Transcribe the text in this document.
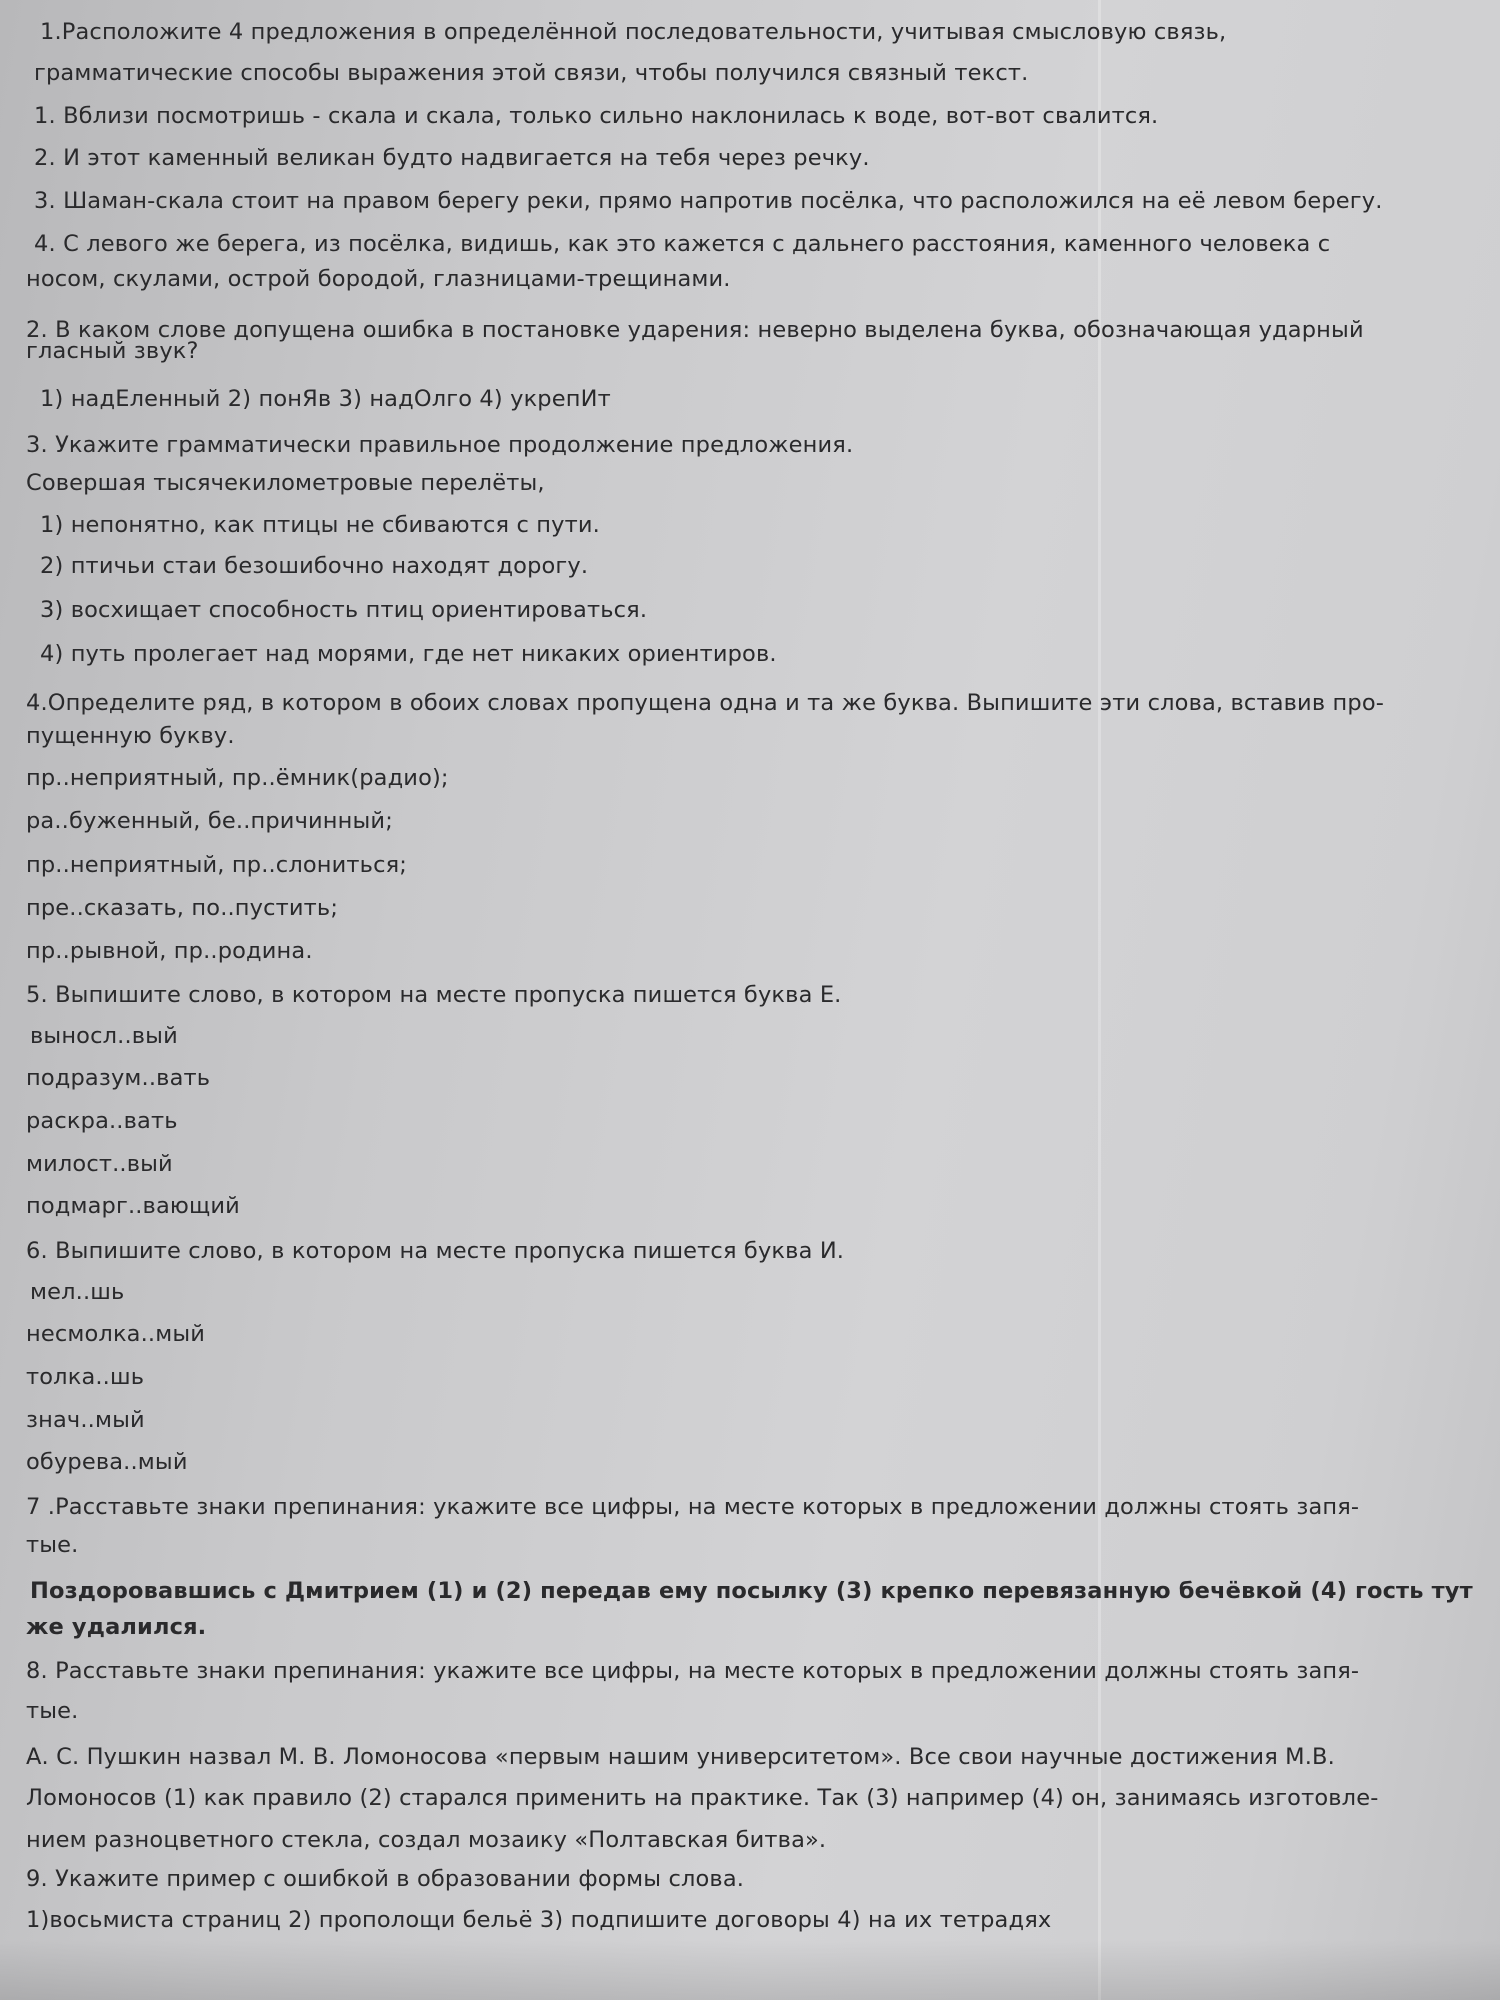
1.Расположите 4 предложения в определённой последовательности, учитывая смысловую связь,
грамматические способы выражения этой связи, чтобы получился связный текст.
1. Вблизи посмотришь - скала и скала, только сильно наклонилась к воде, вот-вот свалится.
2. И этот каменный великан будто надвигается на тебя через речку.
3. Шаман-скала стоит на правом берегу реки, прямо напротив посёлка, что расположился на её левом берегу.
4. С левого же берега, из посёлка, видишь, как это кажется с дальнего расстояния, каменного человека с
носом, скулами, острой бородой, глазницами-трещинами.
2. В каком слове допущена ошибка в постановке ударения: неверно выделена буква, обозначающая ударный
гласный звук?
1) надЕленный 2) понЯв 3) надОлго 4) укрепИт
3. Укажите грамматически правильное продолжение предложения.
Совершая тысячекилометровые перелёты,
1) непонятно, как птицы не сбиваются с пути.
2) птичьи стаи безошибочно находят дорогу.
3) восхищает способность птиц ориентироваться.
4) путь пролегает над морями, где нет никаких ориентиров.
4.Определите ряд, в котором в обоих словах пропущена одна и та же буква. Выпишите эти слова, вставив про-
пущенную букву.
пр..неприятный, пр..ёмник(радио);
ра..буженный, бе..причинный;
пр..неприятный, пр..слониться;
пре..сказать, по..пустить;
пр..рывной, пр..родина.
5. Выпишите слово, в котором на месте пропуска пишется буква Е.
выносл..вый
подразум..вать
раскра..вать
милост..вый
подмарг..вающий
6. Выпишите слово, в котором на месте пропуска пишется буква И.
мел..шь
несмолка..мый
толка..шь
знач..мый
обурева..мый
7 .Расставьте знаки препинания: укажите все цифры, на месте которых в предложении должны стоять запя-
тые.
Поздоровавшись с Дмитрием (1) и (2) передав ему посылку (3) крепко перевязанную бечёвкой (4) гость тут
же удалился.
8. Расставьте знаки препинания: укажите все цифры, на месте которых в предложении должны стоять запя-
тые.
А. С. Пушкин назвал М. В. Ломоносова «первым нашим университетом». Все свои научные достижения М.В.
Ломоносов (1) как правило (2) старался применить на практике. Так (3) например (4) он, занимаясь изготовле-
нием разноцветного стекла, создал мозаику «Полтавская битва».
9. Укажите пример с ошибкой в образовании формы слова.
1)восьмиста страниц 2) прополощи бельё 3) подпишите договоры 4) на их тетрадях
